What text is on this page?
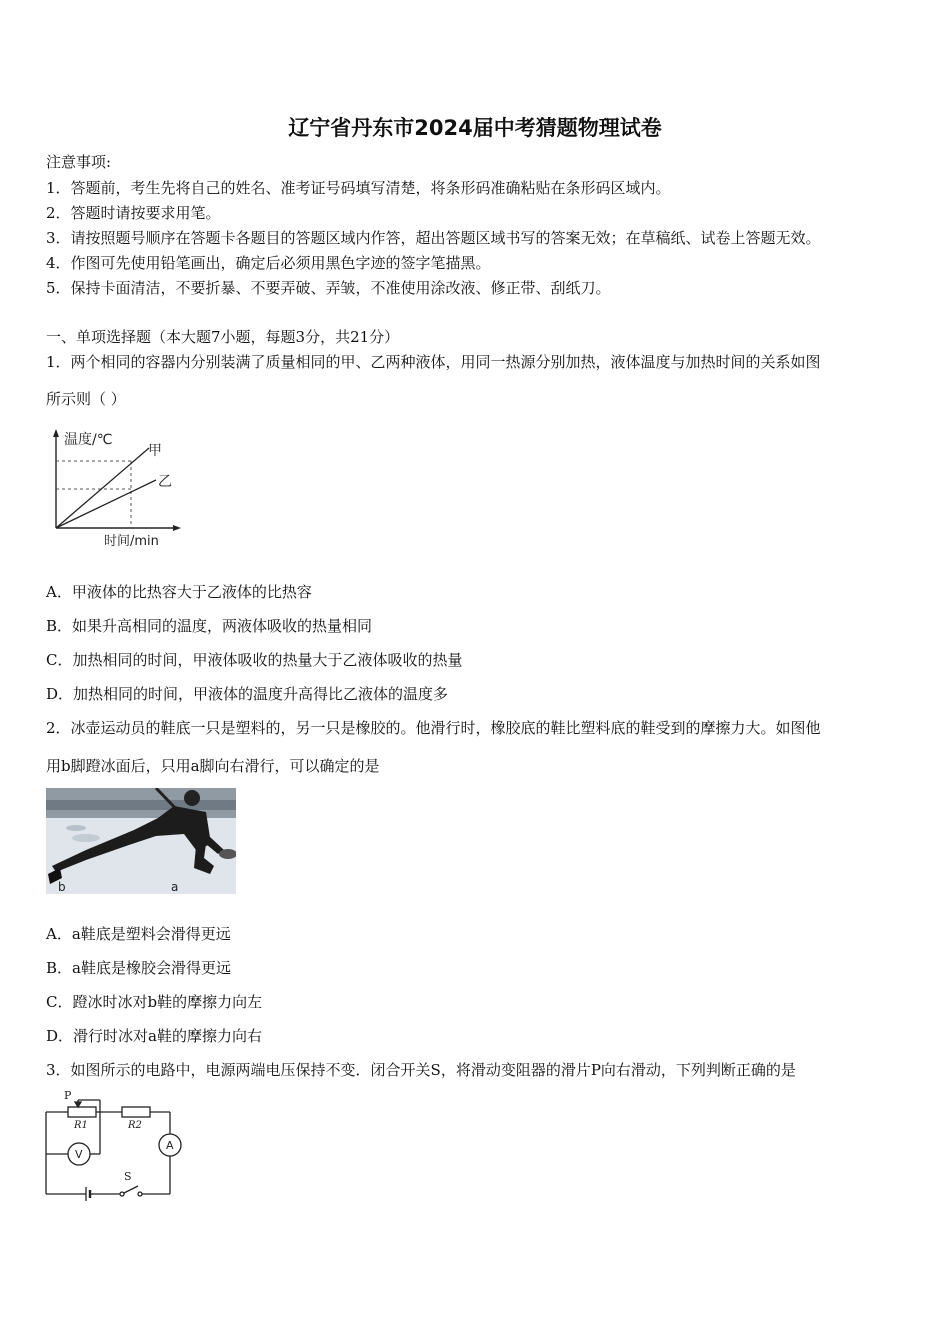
辽宁省丹东市2024届中考猜题物理试卷
注意事项:
1．答题前，考生先将自己的姓名、准考证号码填写清楚，将条形码准确粘贴在条形码区域内。
2．答题时请按要求用笔。
3．请按照题号顺序在答题卡各题目的答题区域内作答，超出答题区域书写的答案无效；在草稿纸、试卷上答题无效。
4．作图可先使用铅笔画出，确定后必须用黑色字迹的签字笔描黑。
5．保持卡面清洁，不要折暴、不要弄破、弄皱，不准使用涂改液、修正带、刮纸刀。
一、单项选择题（本大题7小题，每题3分，共21分）
1．两个相同的容器内分别装满了质量相同的甲、乙两种液体，用同一热源分别加热，液体温度与加热时间的关系如图
所示则（ ）
温度/℃
甲
乙
时间/min
A．甲液体的比热容大于乙液体的比热容
B．如果升高相同的温度，两液体吸收的热量相同
C．加热相同的时间，甲液体吸收的热量大于乙液体吸收的热量
D．加热相同的时间，甲液体的温度升高得比乙液体的温度多
2．冰壶运动员的鞋底一只是塑料的，另一只是橡胶的。他滑行时，橡胶底的鞋比塑料底的鞋受到的摩擦力大。如图他
用b脚蹬冰面后，只用a脚向右滑行，可以确定的是
b	a
A．a鞋底是塑料会滑得更远
B．a鞋底是橡胶会滑得更远
C．蹬冰时冰对b鞋的摩擦力向左
D．滑行时冰对a鞋的摩擦力向右
3．如图所示的电路中，电源两端电压保持不变．闭合开关S，将滑动变阻器的滑片P向右滑动，下列判断正确的是
P
R1	R2
A
V
S
